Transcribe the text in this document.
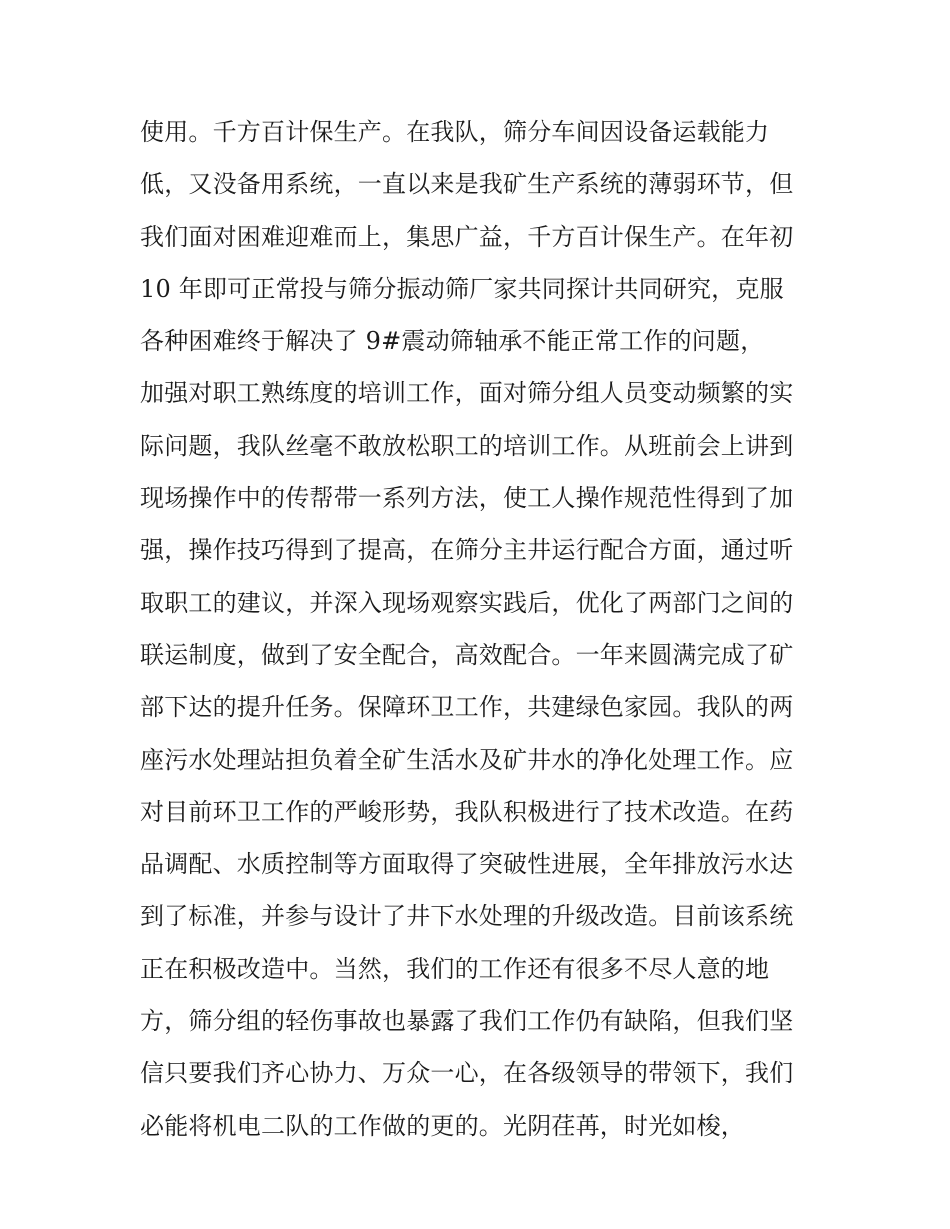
使用。千方百计保生产。在我队，筛分车间因设备运载能力
低，又没备用系统，一直以来是我矿生产系统的薄弱环节，但
我们面对困难迎难而上，集思广益，千方百计保生产。在年初
10 年即可正常投与筛分振动筛厂家共同探计共同研究，克服
各种困难终于解决了 9#震动筛轴承不能正常工作的问题，
加强对职工熟练度的培训工作，面对筛分组人员变动频繁的实
际问题，我队丝毫不敢放松职工的培训工作。从班前会上讲到
现场操作中的传帮带一系列方法，使工人操作规范性得到了加
强，操作技巧得到了提高，在筛分主井运行配合方面，通过听
取职工的建议，并深入现场观察实践后，优化了两部门之间的
联运制度，做到了安全配合，高效配合。一年来圆满完成了矿
部下达的提升任务。保障环卫工作，共建绿色家园。我队的两
座污水处理站担负着全矿生活水及矿井水的净化处理工作。应
对目前环卫工作的严峻形势，我队积极进行了技术改造。在药
品调配、水质控制等方面取得了突破性进展，全年排放污水达
到了标准，并参与设计了井下水处理的升级改造。目前该系统
正在积极改造中。当然，我们的工作还有很多不尽人意的地
方，筛分组的轻伤事故也暴露了我们工作仍有缺陷，但我们坚
信只要我们齐心协力、万众一心，在各级领导的带领下，我们
必能将机电二队的工作做的更的。光阴荏苒，时光如梭，
